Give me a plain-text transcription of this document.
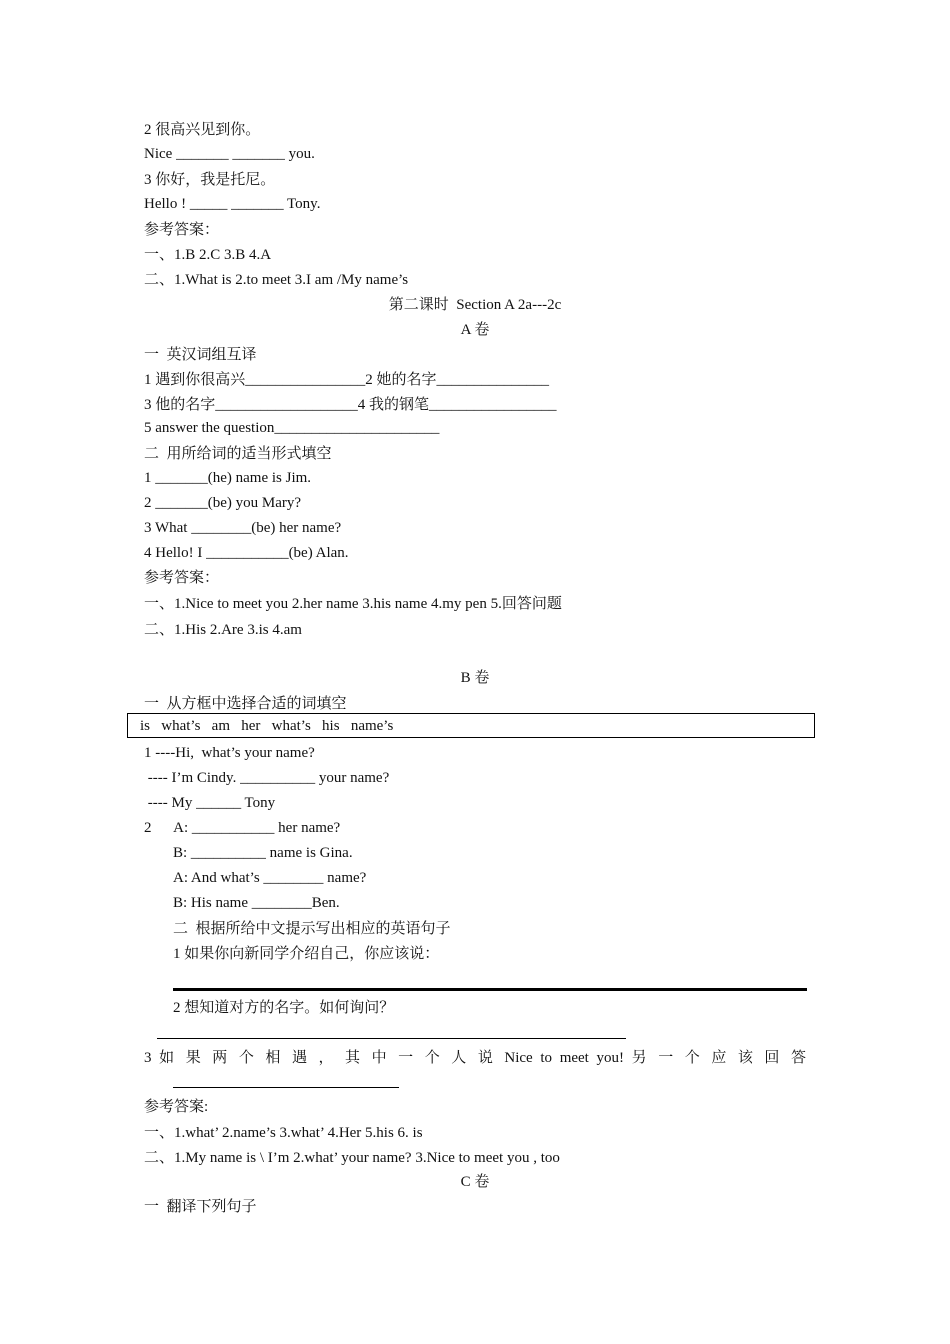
2 很高兴见到你。
Nice _______ _______ you.
3 你好，我是托尼。
Hello ! _____ _______ Tony.
参考答案：
一、1.B 2.C 3.B 4.A
二、1.What is 2.to meet 3.I am /My name’s
第二课时  Section A 2a---2c
A 卷
一  英汉词组互译
1 遇到你很高兴________________2 她的名字_______________
3 他的名字___________________4 我的钢笔_________________
5 answer the question______________________
二  用所给词的适当形式填空
1 _______(he) name is Jim.
2 _______(be) you Mary?
3 What ________(be) her name?
4 Hello! I ___________(be) Alan.
参考答案：
一、1.Nice to meet you 2.her name 3.his name 4.my pen 5.回答问题
二、1.His 2.Are 3.is 4.am
B 卷
一  从方框中选择合适的词填空
is   what’s   am   her   what’s   his   name’s
1 ----Hi,  what’s your name?
---- I’m Cindy. __________ your name?
---- My ______ Tony
2      A: ___________ her name?
B: __________ name is Gina.
A: And what’s ________ name?
B: His name ________Ben.
二  根据所给中文提示写出相应的英语句子
1 如果你向新同学介绍自己，你应该说：
2 想知道对方的名字。如何询问？
3 如 果 两 个 相 遇 ， 其 中 一 个 人 说 Nice to meet you! 另 一 个 应 该 回 答
参考答案:
一、1.what’ 2.name’s 3.what’ 4.Her 5.his 6. is
二、1.My name is \ I’m 2.what’ your name? 3.Nice to meet you , too
C 卷
一  翻译下列句子
